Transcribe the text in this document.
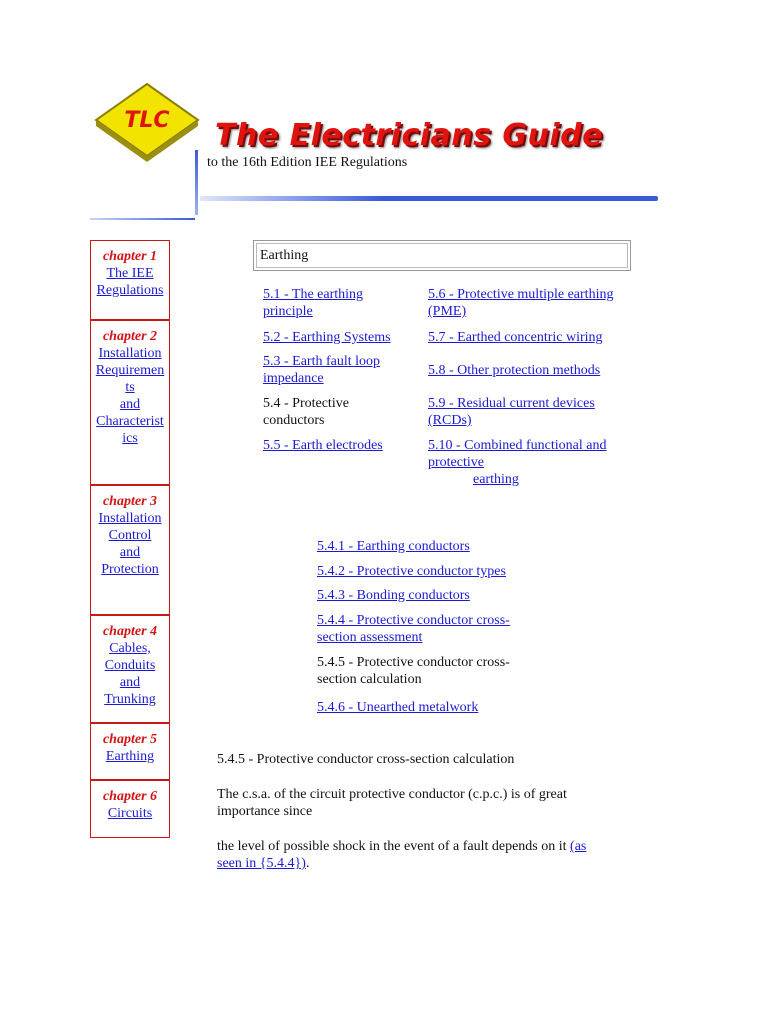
TLC The Electricians Guide
to the 16th Edition IEE Regulations
chapter 1
The IEE
Regulations
chapter 2
Installation
Requiremen
ts
and
Characterist
ics
chapter 3
Installation
Control
and
Protection
chapter 4
Cables,
Conduits
and
Trunking
chapter 5
Earthing
chapter 6
Circuits
Earthing
5.1 - The earthing
principle
5.2 - Earthing Systems
5.3 - Earth fault loop
impedance
5.4 - Protective
conductors
5.5 - Earth electrodes
5.6 - Protective multiple earthing
(PME)
5.7 - Earthed concentric wiring
5.8 - Other protection methods
5.9 - Residual current devices
(RCDs)
5.10 - Combined functional and
protective
earthing
5.4.1 - Earthing conductors
5.4.2 - Protective conductor types
5.4.3 - Bonding conductors
5.4.4 - Protective conductor cross-
section assessment
5.4.5 - Protective conductor cross-
section calculation
5.4.6 - Unearthed metalwork
5.4.5 - Protective conductor cross-section calculation
The c.s.a. of the circuit protective conductor (c.p.c.) is of great
importance since
the level of possible shock in the event of a fault depends on it (as
seen in {5.4.4}).
